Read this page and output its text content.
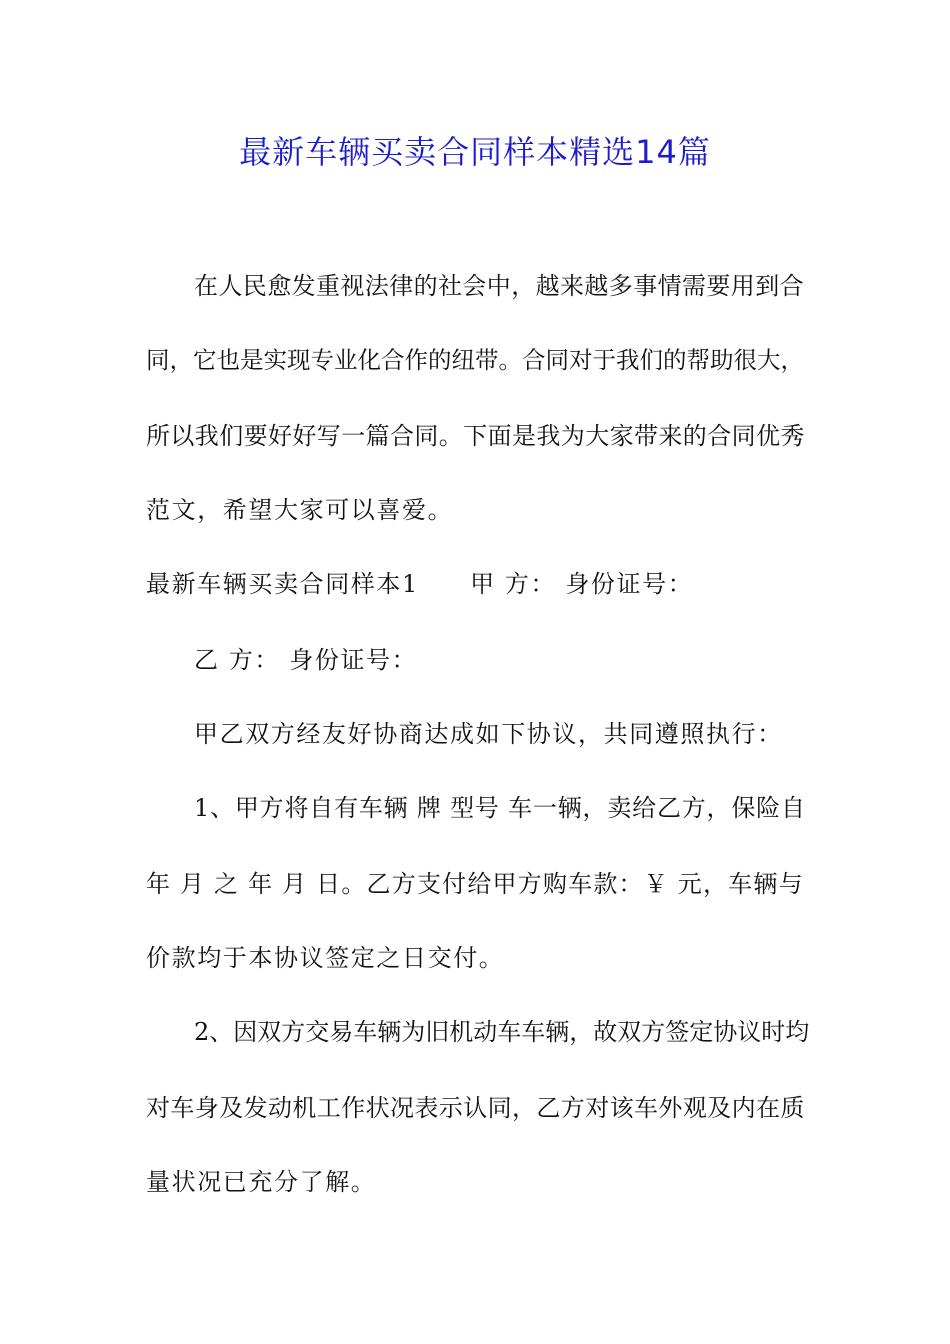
最新车辆买卖合同样本精选14篇
在人民愈发重视法律的社会中，越来越多事情需要用到合
同，它也是实现专业化合作的纽带。合同对于我们的帮助很大，
所以我们要好好写一篇合同。下面是我为大家带来的合同优秀
范文，希望大家可以喜爱。
最新车辆买卖合同样本1　　甲 方： 身份证号：
乙 方： 身份证号：
甲乙双方经友好协商达成如下协议，共同遵照执行：
1、甲方将自有车辆 牌 型号 车一辆，卖给乙方，保险自
年 月 之 年 月 日。乙方支付给甲方购车款：￥ 元，车辆与
价款均于本协议签定之日交付。
2、因双方交易车辆为旧机动车车辆，故双方签定协议时均
对车身及发动机工作状况表示认同，乙方对该车外观及内在质
量状况已充分了解。
